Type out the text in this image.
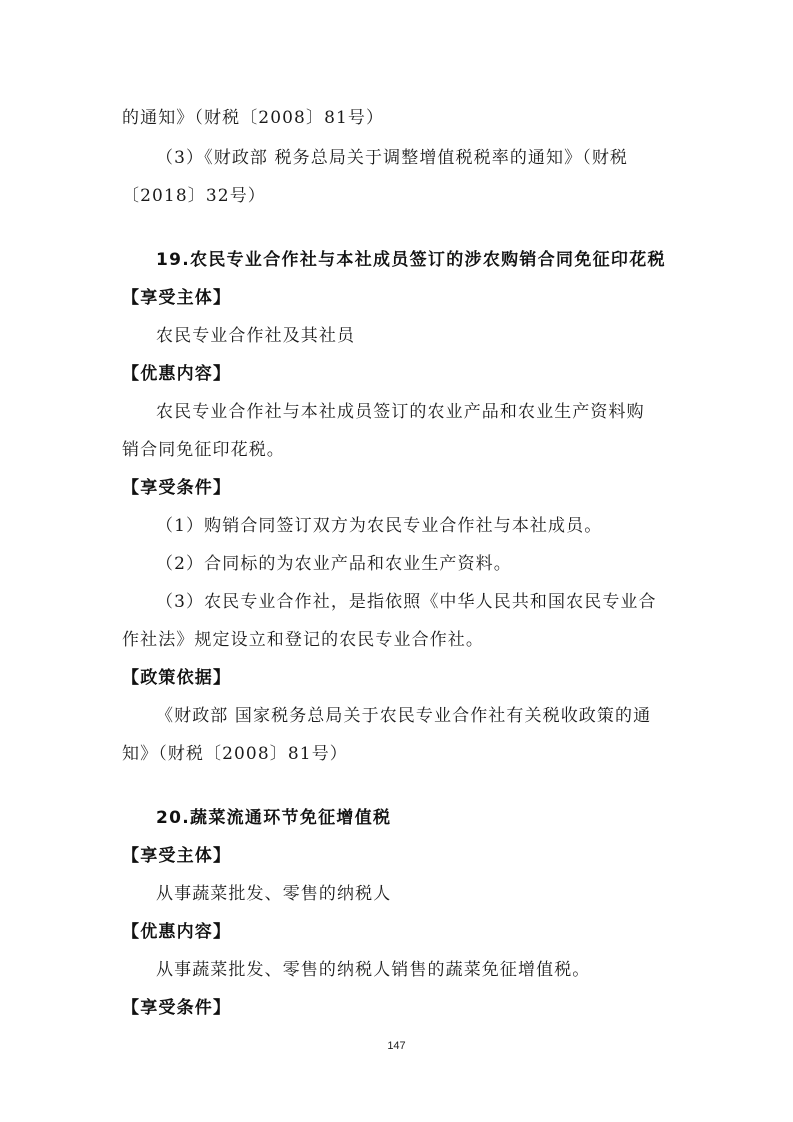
的通知》（财税〔2008〕81号）
（3）《财政部 税务总局关于调整增值税税率的通知》（财税
〔2018〕32号）
19.农民专业合作社与本社成员签订的涉农购销合同免征印花税
【享受主体】
农民专业合作社及其社员
【优惠内容】
农民专业合作社与本社成员签订的农业产品和农业生产资料购
销合同免征印花税。
【享受条件】
（1）购销合同签订双方为农民专业合作社与本社成员。
（2）合同标的为农业产品和农业生产资料。
（3）农民专业合作社，是指依照《中华人民共和国农民专业合
作社法》规定设立和登记的农民专业合作社。
【政策依据】
《财政部 国家税务总局关于农民专业合作社有关税收政策的通
知》（财税〔2008〕81号）
20.蔬菜流通环节免征增值税
【享受主体】
从事蔬菜批发、零售的纳税人
【优惠内容】
从事蔬菜批发、零售的纳税人销售的蔬菜免征增值税。
【享受条件】
147
